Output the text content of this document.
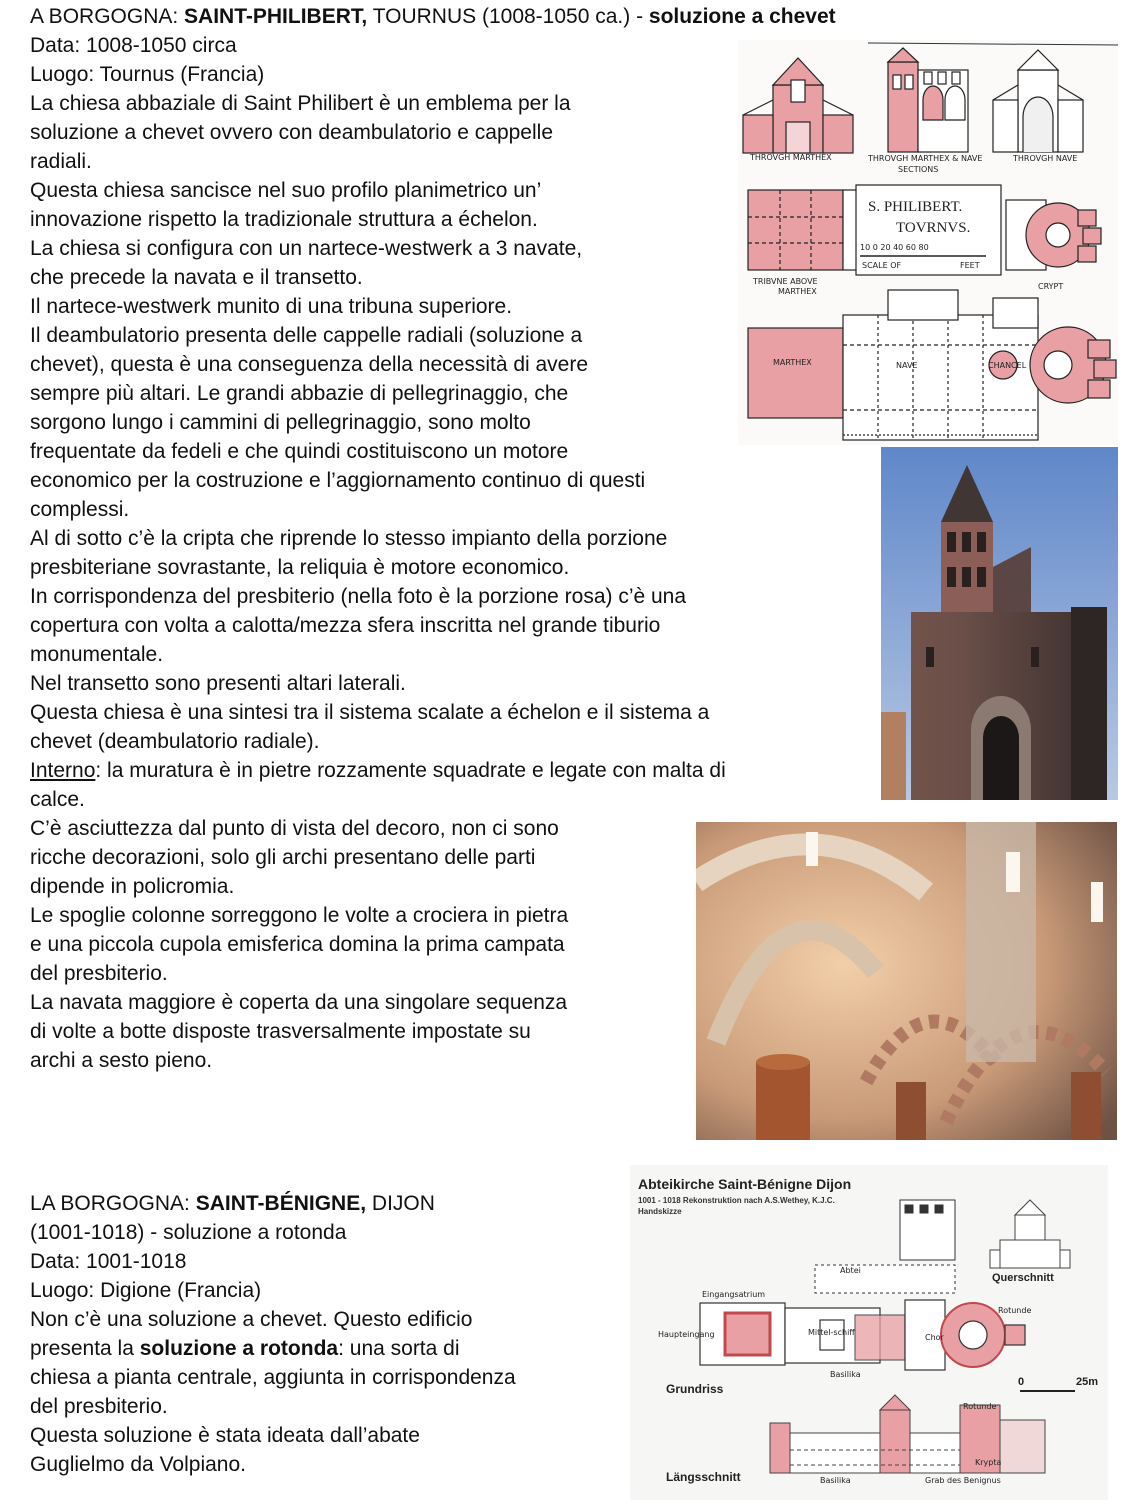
A BORGOGNA: SAINT-PHILIBERT, TOURNUS (1008-1050 ca.) - soluzione a chevet
Data: 1008-1050 circa
Luogo: Tournus (Francia)
La chiesa abbaziale di Saint Philibert è un emblema per la
soluzione a chevet ovvero con deambulatorio e cappelle
radiali.
Questa chiesa sancisce nel suo profilo planimetrico un’
innovazione rispetto la tradizionale struttura a échelon.
La chiesa si configura con un nartece-westwerk a 3 navate,
che precede la navata e il transetto.
Il nartece-westwerk munito di una tribuna superiore.
Il deambulatorio presenta delle cappelle radiali (soluzione a
chevet), questa è una conseguenza della necessità di avere
sempre più altari. Le grandi abbazie di pellegrinaggio, che
sorgono lungo i cammini di pellegrinaggio, sono molto
frequentate da fedeli e che quindi costituiscono un motore
economico per la costruzione e l’aggiornamento continuo di questi
complessi.
Al di sotto c’è la cripta che riprende lo stesso impianto della porzione
presbiteriane sovrastante, la reliquia è motore economico.
In corrispondenza del presbiterio (nella foto è la porzione rosa) c’è una
copertura con volta a calotta/mezza sfera inscritta nel grande tiburio
monumentale.
Nel transetto sono presenti altari laterali.
Questa chiesa è una sintesi tra il sistema scalate a échelon e il sistema a
chevet (deambulatorio radiale).
Interno: la muratura è in pietre rozzamente squadrate e legate con malta di
calce.
C’è asciuttezza dal punto di vista del decoro, non ci sono
ricche decorazioni, solo gli archi presentano delle parti
dipende in policromia.
Le spoglie colonne sorreggono le volte a crociera in pietra
e una piccola cupola emisferica domina la prima campata
del presbiterio.
La navata maggiore è coperta da una singolare sequenza
di volte a botte disposte trasversalmente impostate su
archi a sesto pieno.
THROVGH MARTHEX	THROVGH MARTHEX & NAVE	THROVGH NAVE
SECTIONS
TRIBVNE ABOVE
MARTHEX
S. PHILIBERT.
TOVRNVS.
10 0 20 40 60 80
SCALE OF	FEET
CRYPT
MARTHEX	NAVE	CHANCEL
LA BORGOGNA: SAINT-BÉNIGNE, DIJON
(1001-1018) - soluzione a rotonda
Data: 1001-1018
Luogo: Digione (Francia)
Non c’è una soluzione a chevet. Questo edificio
presenta la soluzione a rotonda: una sorta di
chiesa a pianta centrale, aggiunta in corrispondenza
del presbiterio.
Questa soluzione è stata ideata dall’abate
Guglielmo da Volpiano.
Abteikirche Saint-Bénigne Dijon
1001 - 1018 Rekonstruktion nach A.S.Wethey, K.J.C.
Handskizze
Abtei
Querschnitt
Eingangsatrium
Haupteingang	Mittel-schiff
Chor
Rotunde
Basilika
Grundriss	0	25m
Rotunde
Basilika	Grab des Benignus
Krypta
Längsschnitt
